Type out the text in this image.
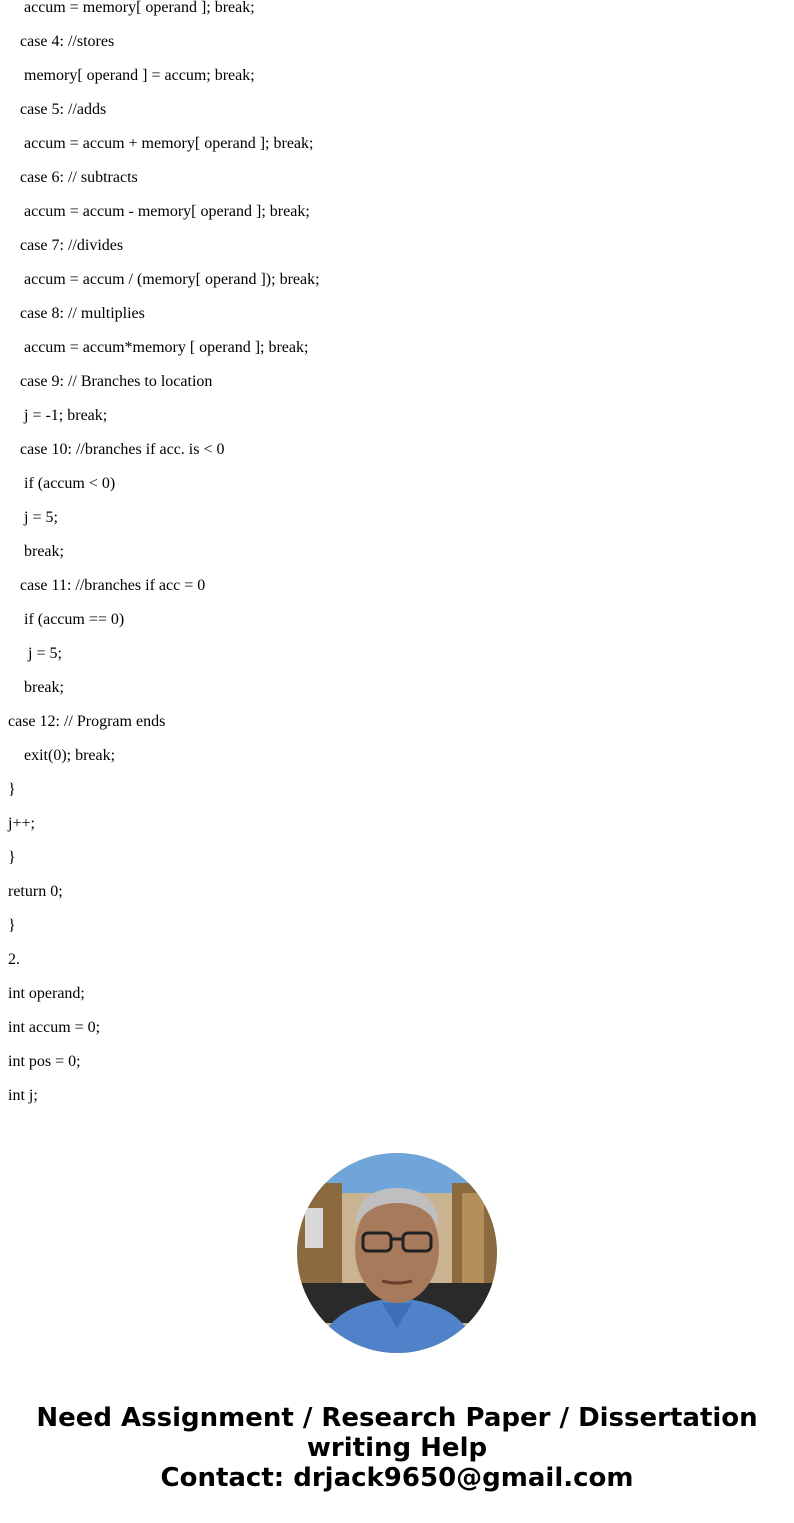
accum = memory[ operand ]; break;

case 4: //stores

memory[ operand ] = accum; break;

case 5: //adds

accum = accum + memory[ operand ]; break;

case 6: // subtracts

accum = accum - memory[ operand ]; break;

case 7: //divides

accum = accum / (memory[ operand ]); break;

case 8: // multiplies

accum = accum*memory [ operand ]; break;

case 9: // Branches to location

j = -1; break;

case 10: //branches if acc. is < 0

if (accum < 0)

j = 5;

break;

case 11: //branches if acc = 0

if (accum == 0)

j = 5;

break;

case 12: // Program ends

exit(0); break;

}

j++;

}

return 0;

}

2.

int operand;

int accum = 0;

int pos = 0;

int j;

Need Assignment / Research Paper / Dissertation
writing Help
Contact: drjack9650@gmail.com
